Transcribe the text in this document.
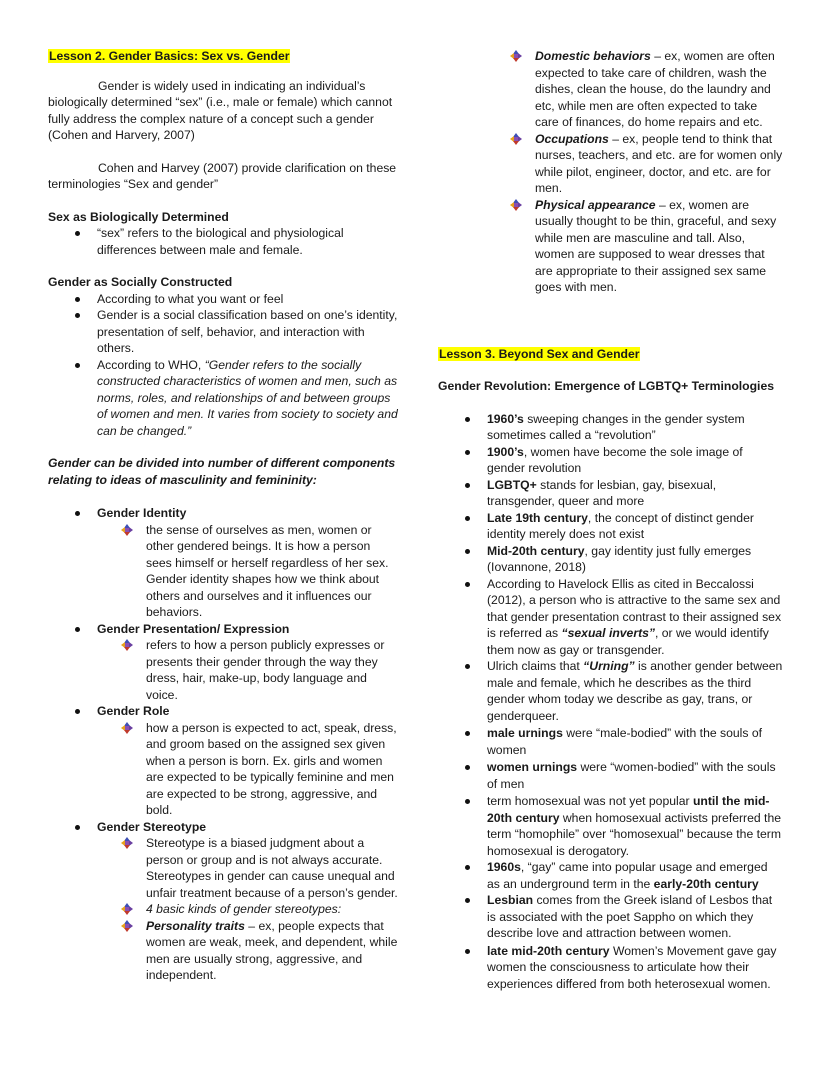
Lesson 2. Gender Basics: Sex vs. Gender

Gender is widely used in indicating an individual’s biologically determined “sex” (i.e., male or female) which cannot fully address the complex nature of a concept such a gender (Cohen and Harvery, 2007)

Cohen and Harvey (2007) provide clarification on these terminologies “Sex and gender”

Sex as Biologically Determined

“sex” refers to the biological and physiological differences between male and female.

Gender as Socially Constructed

According to what you want or feel
Gender is a social classification based on one’s identity, presentation of self, behavior, and interaction with others.
According to WHO, “Gender refers to the socially constructed characteristics of women and men, such as norms, roles, and relationships of and between groups of women and men. It varies from society to society and can be changed.”

Gender can be divided into number of different components relating to ideas of masculinity and femininity:

Gender Identity
the sense of ourselves as men, women or other gendered beings. It is how a person sees himself or herself regardless of her sex. Gender identity shapes how we think about others and ourselves and it influences our behaviors.
Gender Presentation/ Expression
refers to how a person publicly expresses or presents their gender through the way they dress, hair, make-up, body language and voice.
Gender Role
how a person is expected to act, speak, dress, and groom based on the assigned sex given when a person is born. Ex. girls and women are expected to be typically feminine and men are expected to be strong, aggressive, and bold.
Gender Stereotype
Stereotype is a biased judgment about a person or group and is not always accurate. Stereotypes in gender can cause unequal and unfair treatment because of a person’s gender.
4 basic kinds of gender stereotypes:
Personality traits – ex, people expects that women are weak, meek, and dependent, while men are usually strong, aggressive, and independent.
Domestic behaviors – ex, women are often expected to take care of children, wash the dishes, clean the house, do the laundry and etc, while men are often expected to take care of finances, do home repairs and etc.
Occupations – ex, people tend to think that nurses, teachers, and etc. are for women only while pilot, engineer, doctor, and etc. are for men.
Physical appearance – ex, women are usually thought to be thin, graceful, and sexy while men are masculine and tall. Also, women are supposed to wear dresses that are appropriate to their assigned sex same goes with men.
Lesson 3. Beyond Sex and Gender

Gender Revolution: Emergence of LGBTQ+ Terminologies

1960’s sweeping changes in the gender system sometimes called a “revolution”
1900’s, women have become the sole image of gender revolution
LGBTQ+ stands for lesbian, gay, bisexual, transgender, queer and more
Late 19th century, the concept of distinct gender identity merely does not exist
Mid-20th century, gay identity just fully emerges (Iovannone, 2018)
According to Havelock Ellis as cited in Beccalossi (2012), a person who is attractive to the same sex and that gender presentation contrast to their assigned sex is referred as “sexual inverts”, or we would identify them now as gay or transgender.
Ulrich claims that “Urning” is another gender between male and female, which he describes as the third gender whom today we describe as gay, trans, or genderqueer.
male urnings were “male-bodied” with the souls of women
women urnings were “women-bodied” with the souls of men
term homosexual was not yet popular until the mid-20th century when homosexual activists preferred the term “homophile” over “homosexual” because the term homosexual is derogatory.
1960s, “gay” came into popular usage and emerged as an underground term in the early-20th century
Lesbian comes from the Greek island of Lesbos that is associated with the poet Sappho on which they describe love and attraction between women.
late mid-20th century Women’s Movement gave gay women the consciousness to articulate how their experiences differed from both heterosexual women.
